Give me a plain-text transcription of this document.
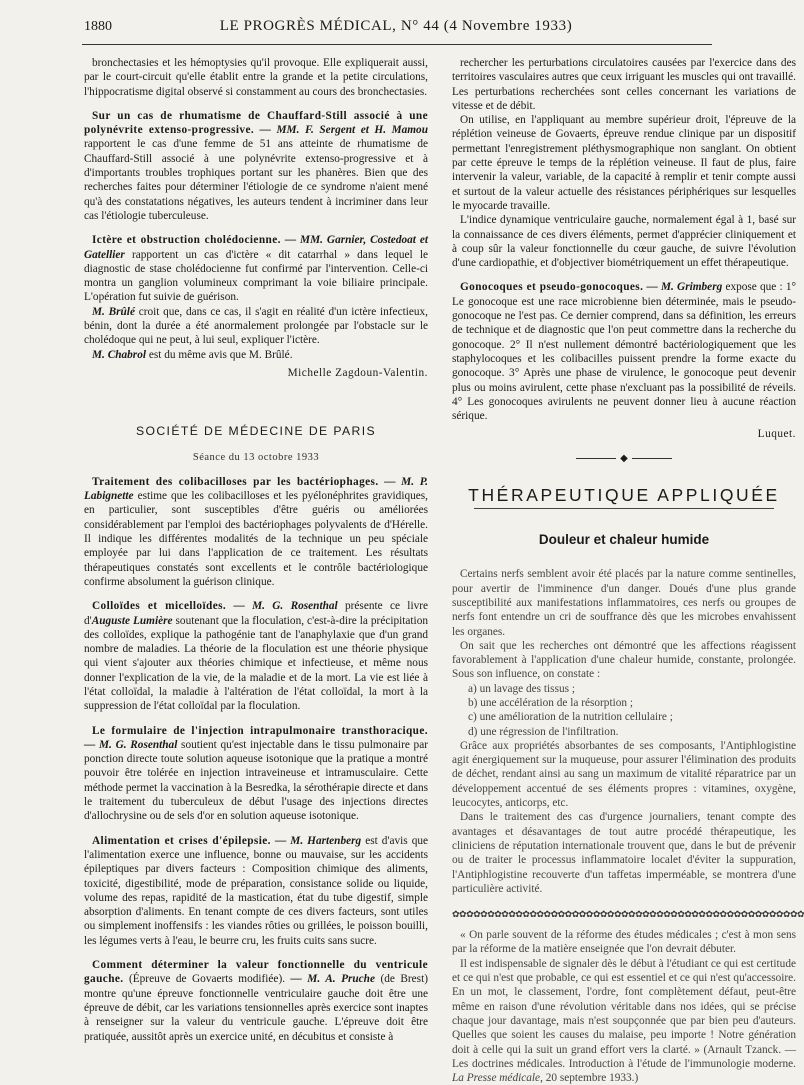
1880	LE PROGRÈS MÉDICAL, N° 44 (4 Novembre 1933)

bronchectasies et les hémoptysies qu'il provoque. Elle expliquerait aussi, par le court-circuit qu'elle établit entre la grande et la petite circulations, l'hippocratisme digital observé si constamment au cours des bronchectasies.

Sur un cas de rhumatisme de Chauffard-Still associé à une polynévrite extenso-progressive. — MM. F. Sergent et H. Mamou rapportent le cas d'une femme de 51 ans atteinte de rhumatisme de Chauffard-Still associé à une polynévrite extenso-progressive et à d'importants troubles trophiques portant sur les phanères. Bien que des recherches faites pour déterminer l'étiologie de ce syndrome n'aient mené qu'à des constatations négatives, les auteurs tendent à incriminer dans leur cas l'étiologie tuberculeuse.

Ictère et obstruction cholédocienne. — MM. Garnier, Costedoat et Gatellier rapportent un cas d'ictère « dit catarrhal » dans lequel le diagnostic de stase cholédocienne fut confirmé par l'intervention. Celle-ci montra un ganglion volumineux comprimant la voie biliaire principale. L'opération fut suivie de guérison.

M. Brûlé croit que, dans ce cas, il s'agit en réalité d'un ictère infectieux, bénin, dont la durée a été anormalement prolongée par l'obstacle sur le cholédoque qui ne peut, à lui seul, expliquer l'ictère.

M. Chabrol est du même avis que M. Brûlé.

Michelle Zagdoun-Valentin.
SOCIÉTÉ DE MÉDECINE DE PARIS
Séance du 13 octobre 1933

Traitement des colibacilloses par les bactériophages. — M. P. Labignette estime que les colibacilloses et les pyélonéphrites gravidiques, en particulier, sont susceptibles d'être guéris ou améliorées considérablement par l'emploi des bactériophages polyvalents de d'Hérelle. Il indique les différentes modalités de la technique un peu spéciale employée par lui dans l'application de ce traitement. Les résultats thérapeutiques constatés sont excellents et le contrôle bactériologique confirme absolument la guérison clinique.

Colloïdes et micelloïdes. — M. G. Rosenthal présente ce livre d'Auguste Lumière soutenant que la floculation, c'est-à-dire la précipitation des colloïdes, explique la pathogénie tant de l'anaphylaxie que d'un grand nombre de maladies. La théorie de la floculation est une théorie physique qui vient s'ajouter aux théories chimique et infectieuse, et même nous donner l'explication de la vie, de la maladie et de la mort. La vie est liée à l'état colloïdal, la maladie à l'altération de l'état colloïdal, la mort à la suppression de l'état colloïdal par la floculation.

Le formulaire de l'injection intrapulmonaire transthoracique. — M. G. Rosenthal soutient qu'est injectable dans le tissu pulmonaire par ponction directe toute solution aqueuse isotonique que la pratique a montré pouvoir être tolérée en injection intraveineuse et intramusculaire. Cette méthode permet la vaccination à la Besredka, la sérothérapie directe et dans le traitement du tuberculeux de début l'usage des injections directes d'allochrysine ou de sels d'or en solution aqueuse isotonique.

Alimentation et crises d'épilepsie. — M. Hartenberg est d'avis que l'alimentation exerce une influence, bonne ou mauvaise, sur les accidents épileptiques par divers facteurs : Composition chimique des aliments, toxicité, digestibilité, mode de préparation, consistance solide ou liquide, volume des repas, rapidité de la mastication, état du tube digestif, simple absorption d'aliments. En tenant compte de ces divers facteurs, sont utiles ou simplement inoffensifs : les viandes rôties ou grillées, le poisson bouilli, les légumes verts à l'eau, le beurre cru, les fruits cuits sans sucre.

Comment déterminer la valeur fonctionnelle du ventricule gauche. (Épreuve de Govaerts modifiée). — M. A. Pruche (de Brest) montre qu'une épreuve fonctionnelle ventriculaire gauche doit être une épreuve de débit, car les variations tensionnelles après exercice sont inaptes à renseigner sur la valeur du ventricule gauche. L'épreuve doit être pratiquée, aussitôt après un exercice unité, en décubitus et consiste à

rechercher les perturbations circulatoires causées par l'exercice dans des territoires vasculaires autres que ceux irriguant les muscles qui ont travaillé. Les perturbations recherchées sont celles concernant les variations de vitesse et de débit.

On utilise, en l'appliquant au membre supérieur droit, l'épreuve de la réplétion veineuse de Govaerts, épreuve rendue clinique par un dispositif permettant l'enregistrement pléthysmographique non sanglant. On obtient par cette épreuve le temps de la réplétion veineuse. Il faut de plus, faire intervenir la valeur, variable, de la capacité à remplir et tenir compte aussi et surtout de la valeur actuelle des résistances périphériques sur lesquelles le myocarde travaille.

L'indice dynamique ventriculaire gauche, normalement égal à 1, basé sur la connaissance de ces divers éléments, permet d'apprécier cliniquement et à coup sûr la valeur fonctionnelle du cœur gauche, de suivre l'évolution d'une cardiopathie, et d'objectiver biométriquement un effet thérapeutique.

Gonocoques et pseudo-gonocoques. — M. Grimberg expose que : 1° Le gonocoque est une race microbienne bien déterminée, mais le pseudo-gonocoque ne l'est pas. Ce dernier comprend, dans sa définition, les erreurs de technique et de diagnostic que l'on peut commettre dans la recherche du gonocoque. 2° Il n'est nullement démontré bactériologiquement que les staphylocoques et les colibacilles puissent prendre la forme exacte du gonocoque. 3° Après une phase de virulence, le gonocoque peut devenir plus ou moins avirulent, cette phase n'excluant pas la possibilité de réveils. 4° Les gonocoques avirulents ne peuvent donner lieu à aucune réaction sérique.

Luquet.
◆
THÉRAPEUTIQUE APPLIQUÉE
Douleur et chaleur humide

Certains nerfs semblent avoir été placés par la nature comme sentinelles, pour avertir de l'imminence d'un danger. Doués d'une plus grande susceptibilité aux manifestations inflammatoires, ces nerfs ou groupes de nerfs font entendre un cri de souffrance dès que les microbes envahissent les organes.

On sait que les recherches ont démontré que les affections réagissent favorablement à l'application d'une chaleur humide, constante, prolongée. Sous son influence, on constate :

a) un lavage des tissus ;
b) une accélération de la résorption ;
c) une amélioration de la nutrition cellulaire ;
d) une régression de l'infiltration.

Grâce aux propriétés absorbantes de ses composants, l'Antiphlogistine agit énergiquement sur la muqueuse, pour assurer l'élimination des produits de déchet, rendant ainsi au sang un maximum de vitalité réparatrice par un développement accentué de ses éléments propres : vitamines, oxygène, leucocytes, anticorps, etc.

Dans le traitement des cas d'urgence journaliers, tenant compte des avantages et désavantages de tout autre procédé thérapeutique, les cliniciens de réputation internationale trouvent que, dans le but de prévenir ou de traiter le processus inflammatoire localet d'éviter la suppuration, l'Antiphlogistine recouverte d'un taffetas imperméable, se montrera d'une particulière activité.

✿✿✿✿✿✿✿✿✿✿✿✿✿✿✿✿✿✿✿✿✿✿✿✿✿✿✿✿✿✿✿✿✿✿✿✿✿✿✿✿✿✿✿✿✿✿✿✿✿✿

« On parle souvent de la réforme des études médicales ; c'est à mon sens par la réforme de la matière enseignée que l'on devrait débuter.

Il est indispensable de signaler dès le début à l'étudiant ce qui est certitude et ce qui n'est que probable, ce qui est essentiel et ce qui n'est qu'accessoire. En un mot, le classement, l'ordre, font complètement défaut, peut-être même en raison d'une révolution véritable dans nos idées, qui se précise chaque jour davantage, mais n'est soupçonnée que par bien peu d'auteurs. Quelles que soient les causes du malaise, peu importe ! Notre génération doit à celle qui la suit un grand effort vers la clarté. » (Arnault Tzanck. — Les doctrines médicales. Introduction à l'étude de l'immunologie moderne. La Presse médicale, 20 septembre 1933.)
